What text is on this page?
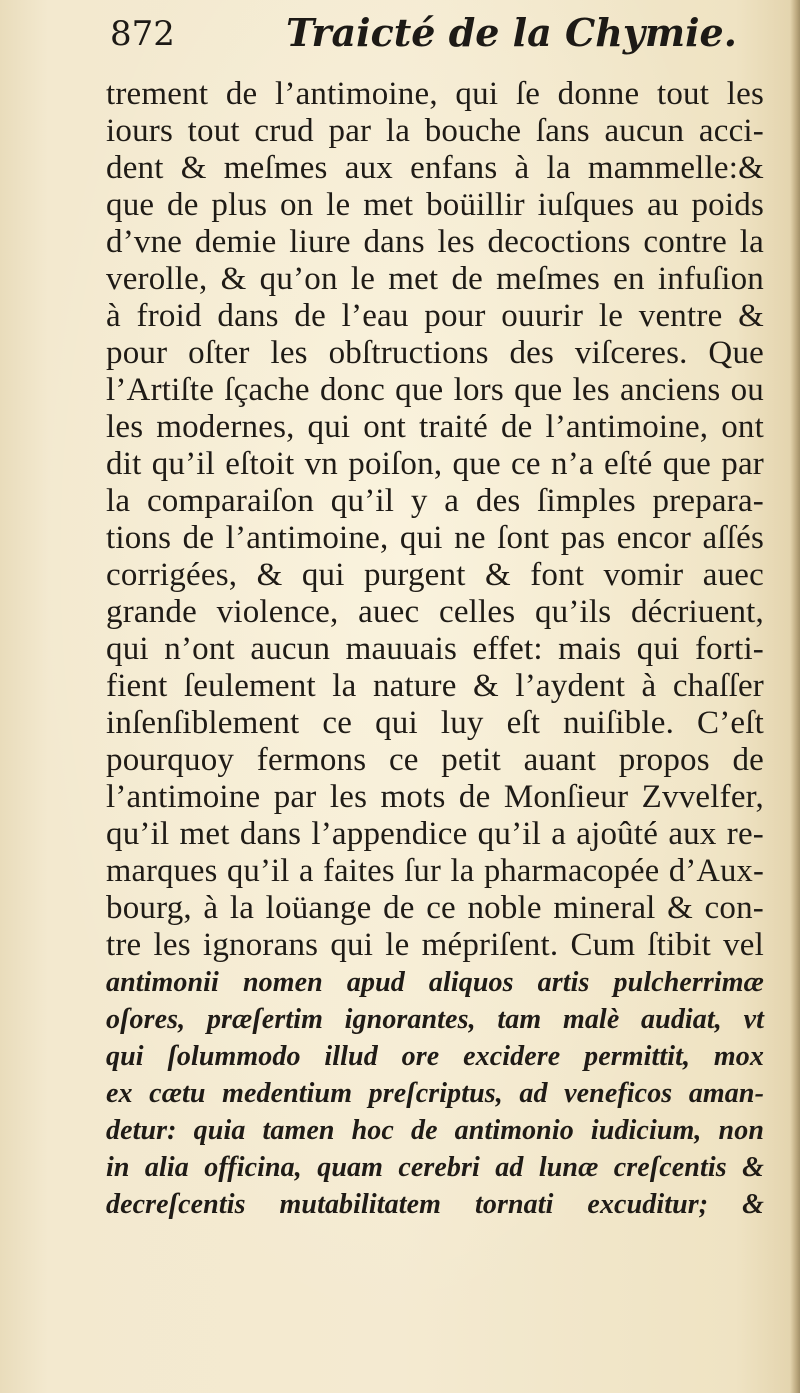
872	Traicté de la Chymie.
trement de l’antimoine, qui ſe donne tout les
iours tout crud par la bouche ſans aucun acci-
dent & meſmes aux enfans à la mammelle:&
que de plus on le met boüillir iuſques au poids
d’vne demie liure dans les decoctions contre la
verolle, & qu’on le met de meſmes en infuſion
à froid dans de l’eau pour ouurir le ventre &
pour oſter les obſtructions des viſceres. Que
l’Artiſte ſçache donc que lors que les anciens ou
les modernes, qui ont traité de l’antimoine, ont
dit qu’il eſtoit vn poiſon, que ce n’a eſté que par
la comparaiſon qu’il y a des ſimples prepara-
tions de l’antimoine, qui ne ſont pas encor aſſés
corrigées, & qui purgent & font vomir auec
grande violence, auec celles qu’ils décriuent,
qui n’ont aucun mauuais effet: mais qui forti-
fient ſeulement la nature & l’aydent à chaſſer
inſenſiblement ce qui luy eſt nuiſible. C’eſt
pourquoy fermons ce petit auant propos de
l’antimoine par les mots de Monſieur Zvvelfer,
qu’il met dans l’appendice qu’il a ajoûté aux re-
marques qu’il a faites ſur la pharmacopée d’Aux-
bourg, à la loüange de ce noble mineral & con-
tre les ignorans qui le mépriſent. Cum ſtibit vel
antimonii nomen apud aliquos artis pulcherrimæ
oſores, præſertim ignorantes, tam malè audiat, vt
qui ſolummodo illud ore excidere permittit, mox
ex cætu medentium preſcriptus, ad veneficos aman-
detur: quia tamen hoc de antimonio iudicium, non
in alia officina, quam cerebri ad lunæ creſcentis &
decreſcentis mutabilitatem tornati excuditur; &
